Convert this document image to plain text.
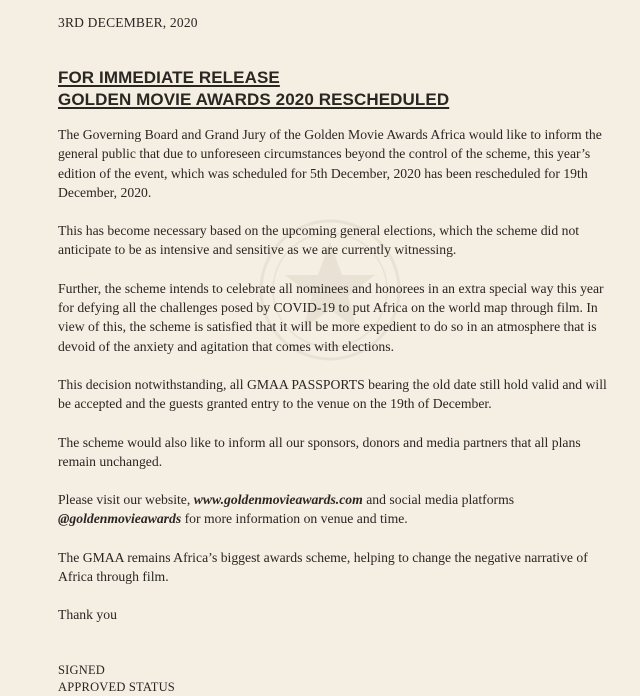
3RD DECEMBER, 2020
FOR IMMEDIATE RELEASE
GOLDEN MOVIE AWARDS 2020 RESCHEDULED

The Governing Board and Grand Jury of the Golden Movie Awards Africa would like to inform the general public that due to unforeseen circumstances beyond the control of the scheme, this year’s edition of the event, which was scheduled for 5th December, 2020 has been rescheduled for 19th December, 2020.

This has become necessary based on the upcoming general elections, which the scheme did not anticipate to be as intensive and sensitive as we are currently witnessing.

Further, the scheme intends to celebrate all nominees and honorees in an extra special way this year for defying all the challenges posed by COVID-19 to put Africa on the world map through film. In view of this, the scheme is satisfied that it will be more expedient to do so in an atmosphere that is devoid of the anxiety and agitation that comes with elections.

This decision notwithstanding, all GMAA PASSPORTS bearing the old date still hold valid and will be accepted and the guests granted entry to the venue on the 19th of December.

The scheme would also like to inform all our sponsors, donors and media partners that all plans remain unchanged.

Please visit our website, www.goldenmovieawards.com and social media platforms @goldenmovieawards for more information on venue and time.

The GMAA remains Africa’s biggest awards scheme, helping to change the negative narrative of Africa through film.

Thank you

SIGNED
APPROVED STATUS
